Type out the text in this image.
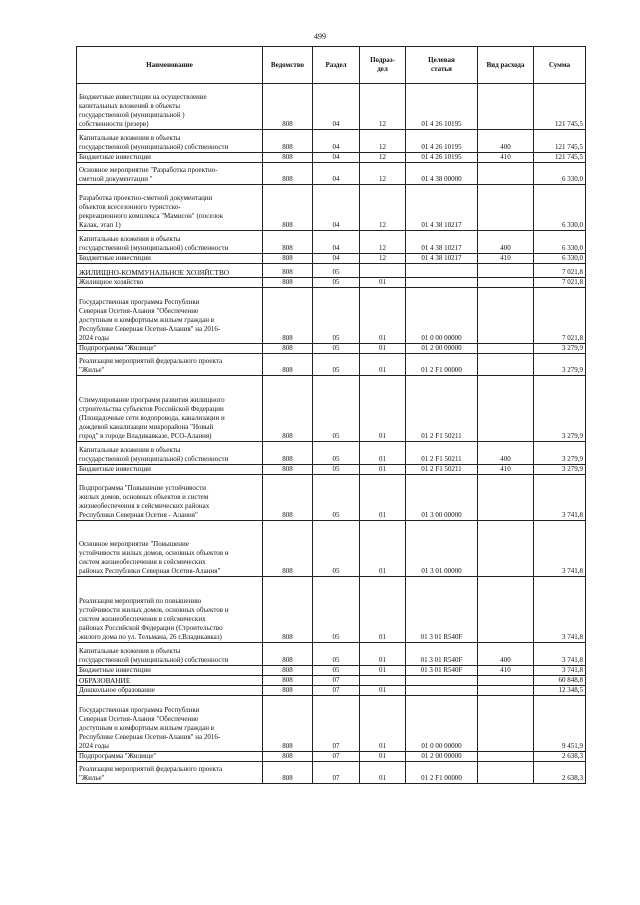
499
Наименование	Ведомство	Раздел	Подраз-
дел	Целевая
статья	Вид расхода	Сумма
Бюджетные инвестиции на осуществление
капитальных вложений в объекты
государственной (муниципальной )
собственности (резерв)	808	04	12	01 4 26 10195		121 745,5
Капитальные вложения в объекты
государственной (муниципальной) собственности	808	04	12	01 4 26 10195	400	121 745,5
Бюджетные инвестиции	808	04	12	01 4 26 10195	410	121 745,5
Основное мероприятие "Разработка проектно-
сметной документации "	808	04	12	01 4 38 00000		6 330,0
Разработка проектно-сметной документации
объектов всесезонного туристско-
рекреационного комплекса "Мамисон" (поселок
Калак, этап 1)	808	04	12	01 4 38 10217		6 330,0
Капитальные вложения в объекты
государственной (муниципальной) собственности	808	04	12	01 4 38 10217	400	6 330,0
Бюджетные инвестиции	808	04	12	01 4 38 10217	410	6 330,0
ЖИЛИЩНО-КОММУНАЛЬНОЕ ХОЗЯЙСТВО	808	05				7 021,8
Жилищное хозяйство	808	05	01			7 021,8
Государственная программа Республики
Северная Осетия-Алания "Обеспечение
доступным и комфортным жильем граждан в
Республике Северная Осетия-Алания" на 2016-
2024 годы	808	05	01	01 0 00 00000		7 021,8
Подпрограмма "Жилище"	808	05	01	01 2 00 00000		3 279,9
Реализация мероприятий федерального проекта
"Жилье"	808	05	01	01 2 F1 00000		3 279,9
Стимулирование программ развития жилищного
строительства субъектов Российской Федерации
(Площадочные сети водопровода, канализации и
дождевой канализации микрорайона "Новый
город" в городе Владикавказе, РСО-Алания)	808	05	01	01 2 F1 50211		3 279,9
Капитальные вложения в объекты
государственной (муниципальной) собственности	808	05	01	01 2 F1 50211	400	3 279,9
Бюджетные инвестиции	808	05	01	01 2 F1 50211	410	3 279,9
Подпрограмма "Повышение устойчивости
жилых домов, основных объектов и систем
жизнеобеспечения в сейсмических районах
Республики Северная Осетия - Алания"	808	05	01	01 3 00 00000		3 741,8
Основное мероприятие "Повышение
устойчивости жилых домов, основных объектов и
систем жизнеобеспечения в сейсмических
районах Республики Северная Осетия-Алания"	808	05	01	01 3 01 00000		3 741,8
Реализация мероприятий по повышению
устойчивости жилых домов, основных объектов и
систем жизнеобеспечения в сейсмических
районах Российской Федерации (Строительство
жилого дома по ул. Тельмана, 26 г.Владикавказ)	808	05	01	01 3 01 R540F		3 741,8
Капитальные вложения в объекты
государственной (муниципальной) собственности	808	05	01	01 3 01 R540F	400	3 741,8
Бюджетные инвестиции	808	05	01	01 3 01 R540F	410	3 741,8
ОБРАЗОВАНИЕ	808	07				60 848,8
Дошкольное образование	808	07	01			12 348,5
Государственная программа Республики
Северная Осетия-Алания "Обеспечение
доступным и комфортным жильем граждан в
Республике Северная Осетия-Алания" на 2016-
2024 годы	808	07	01	01 0 00 00000		9 451,9
Подпрограмма "Жилище"	808	07	01	01 2 00 00000		2 638,3
Реализация мероприятий федерального проекта
"Жилье"	808	07	01	01 2 F1 00000		2 638,3
